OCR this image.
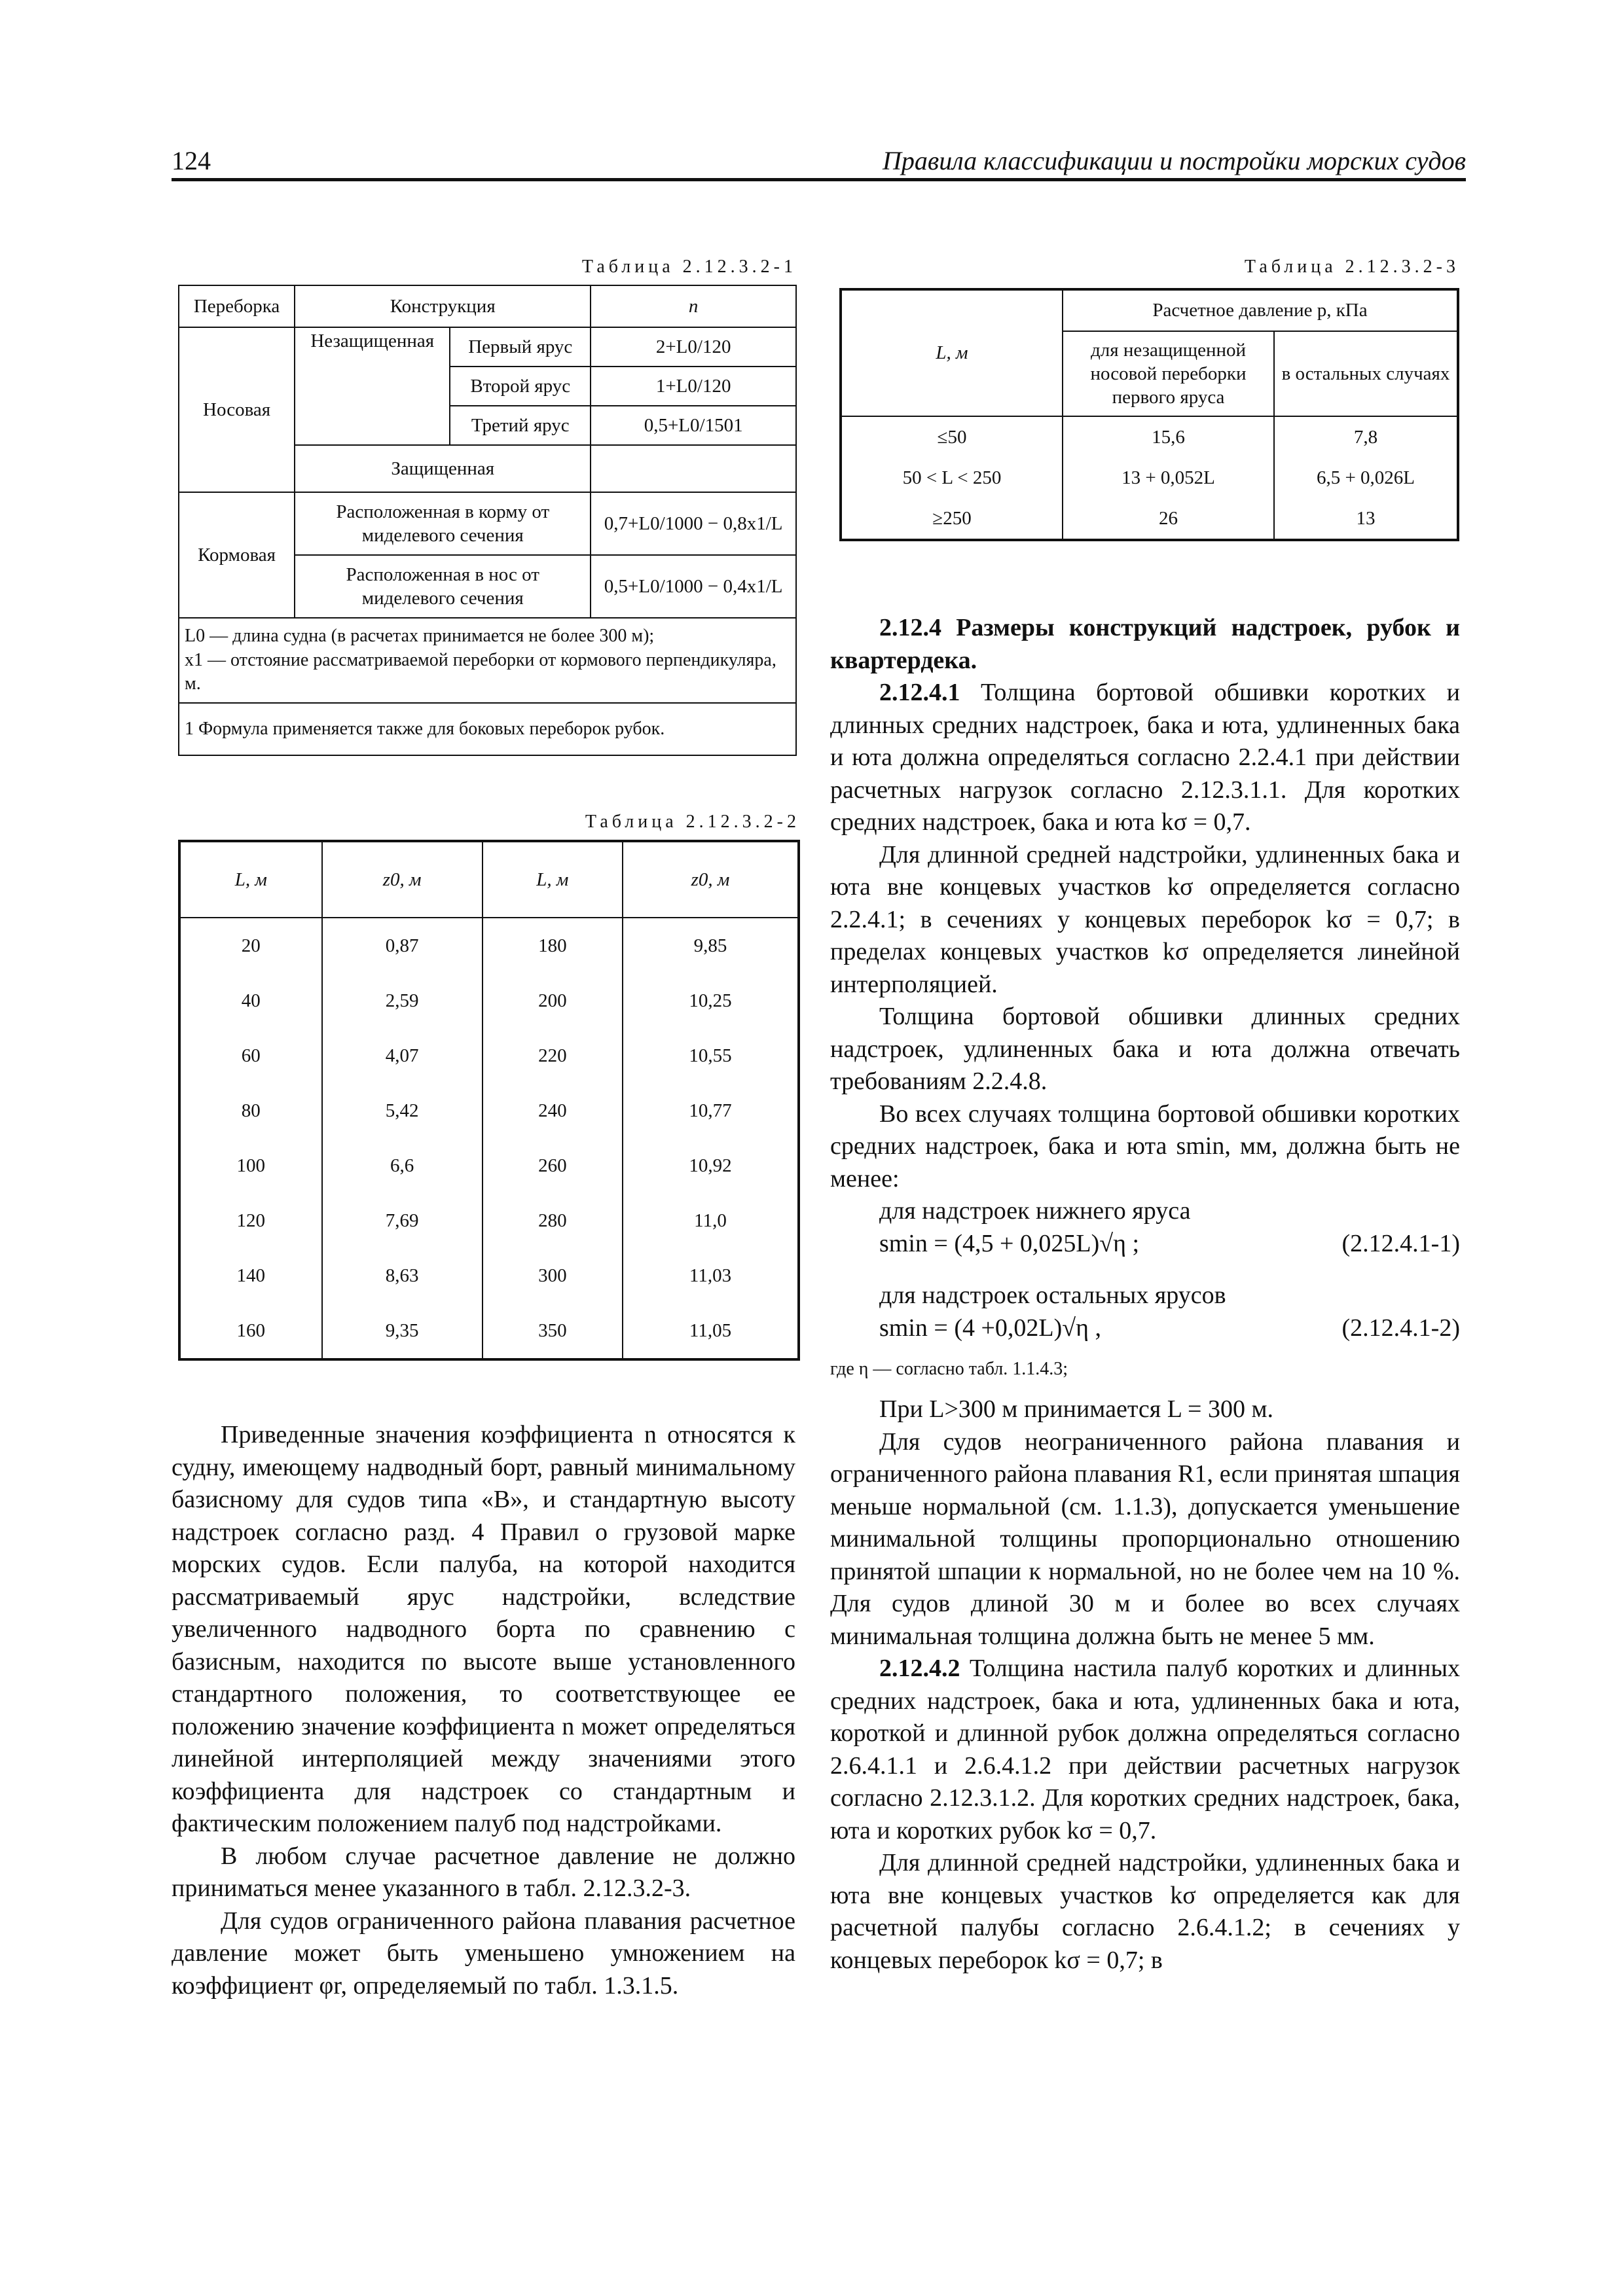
124	Правила классификации и постройки морских судов
Таблица 2.12.3.2-1
Переборка	Конструкция		n
Носовая	Незащищенная	Первый ярус	2+L0/120
		Второй ярус	1+L0/120
		Третий ярус	0,5+L0/1501
	Защищенная		
Кормовая	Расположенная в корму от миделевого сечения		0,7+L0/1000 − 0,8x1/L
	Расположенная в нос от миделевого сечения		0,5+L0/1000 − 0,4x1/L

L0 — длина судна (в расчетах принимается не более 300 м);
x1 — отстояние рассматриваемой переборки от кормового перпендикуляра, м.			

1 Формула применяется также для боковых переборок рубок.			
Таблица 2.12.3.2-2
L, м	z0, м	L, м	z0, м
20	0,87	180	9,85
40	2,59	200	10,25
60	4,07	220	10,55
80	5,42	240	10,77
100	6,6	260	10,92
120	7,69	280	11,0
140	8,63	300	11,03
160	9,35	350	11,05
Таблица 2.12.3.2-3
L, м	Расчетное давление p, кПа	
	для незащищенной носовой переборки первого яруса	в остальных случаях
≤50	15,6	7,8
50 < L < 250	13 + 0,052L	6,5 + 0,026L
≥250	26	13

Приведенные значения коэффициента n относятся к судну, имеющему надводный борт, равный минимальному базисному для судов типа «В», и стандартную высоту надстроек согласно разд. 4 Правил о грузовой марке морских судов. Если палуба, на которой находится рассматриваемый ярус надстройки, вследствие увеличенного надводного борта по сравнению с базисным, находится по высоте выше установленного стандартного положения, то соответствующее ее положению значение коэффициента n может определяться линейной интерполяцией между значениями этого коэффициента для надстроек со стандартным и фактическим положением палуб под надстройками.

В любом случае расчетное давление не должно приниматься менее указанного в табл. 2.12.3.2-3.

Для судов ограниченного района плавания расчетное давление может быть уменьшено умножением на коэффициент φr, определяемый по табл. 1.3.1.5.

2.12.4 Размеры конструкций надстроек, рубок и квартердека.

2.12.4.1 Толщина бортовой обшивки коротких и длинных средних надстроек, бака и юта, удлиненных бака и юта должна определяться согласно 2.2.4.1 при действии расчетных нагрузок согласно 2.12.3.1.1. Для коротких средних надстроек, бака и юта kσ = 0,7.

Для длинной средней надстройки, удлиненных бака и юта вне концевых участков kσ определяется согласно 2.2.4.1; в сечениях у концевых переборок kσ = 0,7; в пределах концевых участков kσ определяется линейной интерполяцией.

Толщина бортовой обшивки длинных средних надстроек, удлиненных бака и юта должна отвечать требованиям 2.2.4.8.

Во всех случаях толщина бортовой обшивки коротких средних надстроек, бака и юта smin, мм, должна быть не менее:

для надстроек нижнего яруса

smin = (4,5 + 0,025L)√η ;	(2.12.4.1-1)

для надстроек остальных ярусов

smin = (4 +0,02L)√η ,	(2.12.4.1-2)

где η — согласно табл. 1.1.4.3;

При L>300 м принимается L = 300 м.

Для судов неограниченного района плавания и ограниченного района плавания R1, если принятая шпация меньше нормальной (см. 1.1.3), допускается уменьшение минимальной толщины пропорционально отношению принятой шпации к нормальной, но не более чем на 10 %. Для судов длиной 30 м и более во всех случаях минимальная толщина должна быть не менее 5 мм.

2.12.4.2 Толщина настила палуб коротких и длинных средних надстроек, бака и юта, удлиненных бака и юта, короткой и длинной рубок должна определяться согласно 2.6.4.1.1 и 2.6.4.1.2 при действии расчетных нагрузок согласно 2.12.3.1.2. Для коротких средних надстроек, бака, юта и коротких рубок kσ = 0,7.

Для длинной средней надстройки, удлиненных бака и юта вне концевых участков kσ определяется как для расчетной палубы согласно 2.6.4.1.2; в сечениях у концевых переборок kσ = 0,7; в
